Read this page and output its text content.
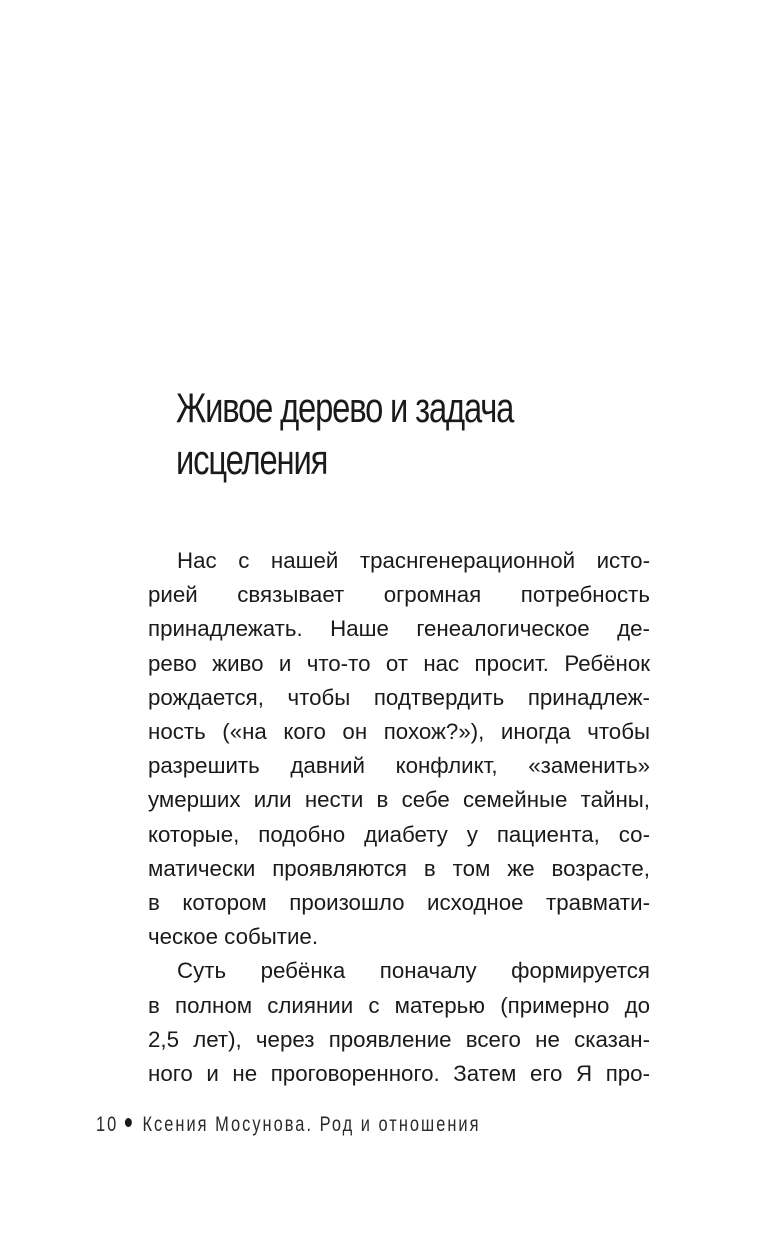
Живое дерево и задача
исцеления

Нас с нашей траснгенерационной исто-
рией связывает огромная потребность
принадлежать. Наше генеалогическое де-
рево живо и что-то от нас просит. Ребёнок
рождается, чтобы подтвердить принадлеж-
ность («на кого он похож?»), иногда чтобы
разрешить давний конфликт, «заменить»
умерших или нести в себе семейные тайны,
которые, подобно диабету у пациента, со-
матически проявляются в том же возрасте,
в котором произошло исходное травмати-
ческое событие.

Суть ребёнка поначалу формируется
в полном слиянии с матерью (примерно до
2,5 лет), через проявление всего не сказан-
ного и не проговоренного. Затем его Я про-

10 Ксения Мосунова. Род и отношения
